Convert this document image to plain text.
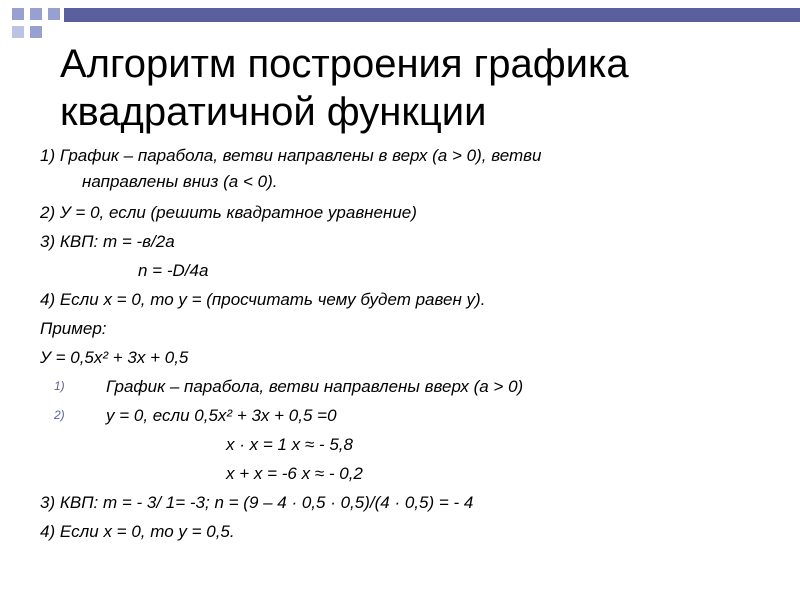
Алгоритм построения графика
квадратичной функции
1) График – парабола, ветви направлены в верх (а > 0), ветви
направлены вниз (а < 0).
2) У = 0, если (решить квадратное уравнение)
3) КВП: m = -в/2а
n = -D/4a
4) Если х = 0, то у = (просчитать чему будет равен у).
Пример:
У = 0,5х² + 3х + 0,5
1) График – парабола, ветви направлены вверх (а > 0)
2) у = 0, если 0,5х² + 3х + 0,5 =0
х · х = 1 х ≈ - 5,8
х + х = -6 х ≈ - 0,2
3) КВП: m = - 3/ 1= -3; n = (9 – 4 · 0,5 · 0,5)/(4 · 0,5) = - 4
4) Если х = 0, то у = 0,5.
